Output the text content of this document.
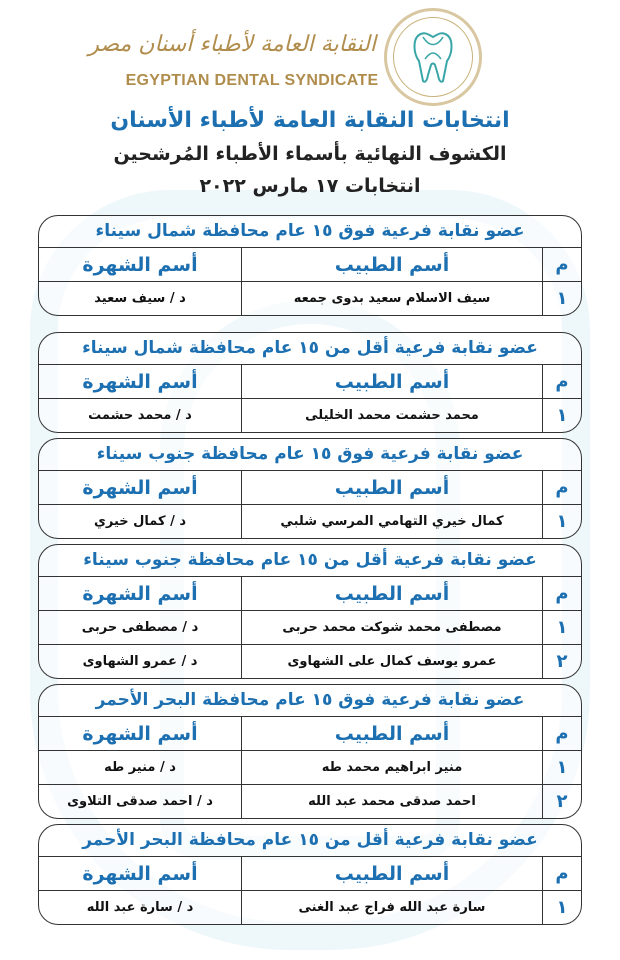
النقابة العامة لأطباء أسنان مصر
EGYPTIAN DENTAL SYNDICATE
انتخابات النقابة العامة لأطباء الأسنان
الكشوف النهائية بأسماء الأطباء المُرشحين
انتخابات ١٧ مارس ٢٠٢٢
عضو نقابة فرعية فوق ١٥ عام محافظة شمال سيناء
م
أسم الطبيب
أسم الشهرة
١
سيف الاسلام سعيد بدوى جمعه
د / سيف سعيد
عضو نقابة فرعية أقل من ١٥ عام محافظة شمال سيناء
م
أسم الطبيب
أسم الشهرة
١
محمد حشمت محمد الخليلى
د / محمد حشمت
عضو نقابة فرعية فوق ١٥ عام محافظة جنوب سيناء
م
أسم الطبيب
أسم الشهرة
١
كمال خيري التهامي المرسي شلبي
د / كمال خيري
عضو نقابة فرعية أقل من ١٥ عام محافظة جنوب سيناء
م
أسم الطبيب
أسم الشهرة
١
مصطفى محمد شوكت محمد حربى
د / مصطفى حربى
٢
عمرو يوسف كمال على الشهاوى
د / عمرو الشهاوى
عضو نقابة فرعية فوق ١٥ عام محافظة البحر الأحمر
م
أسم الطبيب
أسم الشهرة
١
منير ابراهيم محمد طه
د / منير طه
٢
احمد صدقى محمد عبد الله
د / احمد صدقى التلاوى
عضو نقابة فرعية أقل من ١٥ عام محافظة البحر الأحمر
م
أسم الطبيب
أسم الشهرة
١
سارة عبد الله فراج عبد الغنى
د / سارة عبد الله
